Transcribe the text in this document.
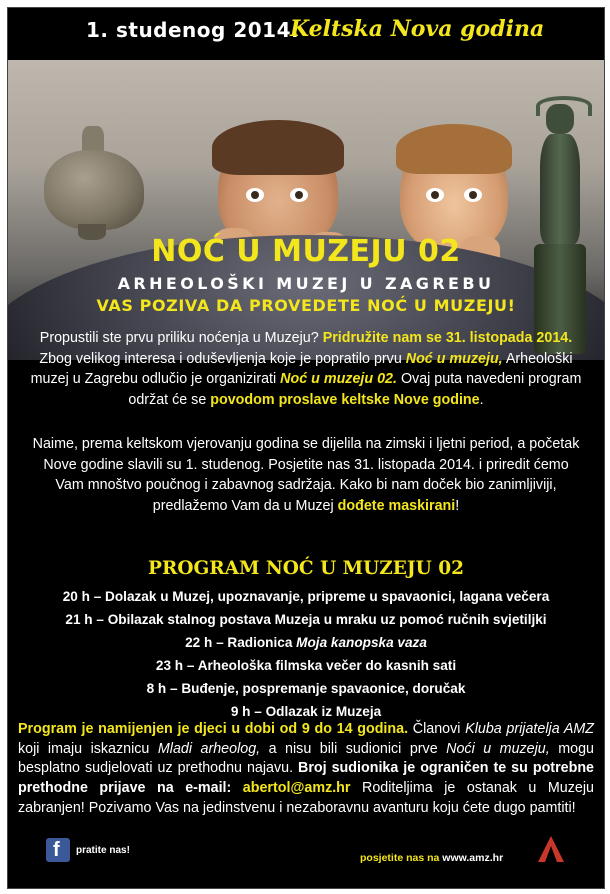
1. studenog 2014.
Keltska Nova godina
NOĆ U MUZEJU 02
ARHEOLOŠKI MUZEJ U ZAGREBU
VAS POZIVA DA PROVEDETE NOĆ U MUZEJU!
Propustili ste prvu priliku noćenja u Muzeju? Pridružite nam se 31. listopada 2014. Zbog velikog interesa i oduševljenja koje je popratilo prvu Noć u muzeju, Arheološki muzej u Zagrebu odlučio je organizirati Noć u muzeju 02. Ovaj puta navedeni program održat će se povodom proslave keltske Nove godine.
Naime, prema keltskom vjerovanju godina se dijelila na zimski i ljetni period, a početak Nove godine slavili su 1. studenog. Posjetite nas 31. listopada 2014. i priredit ćemo Vam mnoštvo poučnog i zabavnog sadržaja. Kako bi nam doček bio zanimljiviji, predlažemo Vam da u Muzej dođete maskirani!
PROGRAM NOĆ U MUZEJU 02
20 h – Dolazak u Muzej, upoznavanje, pripreme u spavaonici, lagana večera
21 h – Obilazak stalnog postava Muzeja u mraku uz pomoć ručnih svjetiljki
22 h – Radionica Moja kanopska vaza
23 h – Arheološka filmska večer do kasnih sati
8 h – Buđenje, pospremanje spavaonice, doručak
9 h – Odlazak iz Muzeja
Program je namijenjen je djeci u dobi od 9 do 14 godina. Članovi Kluba prijatelja AMZ koji imaju iskaznicu Mladi arheolog, a nisu bili sudionici prve Noći u muzeju, mogu besplatno sudjelovati uz prethodnu najavu. Broj sudionika je ograničen te su potrebne prethodne prijave na e-mail: abertol@amz.hr Roditeljima je ostanak u Muzeju zabranjen! Pozivamo Vas na jedinstvenu i nezaboravnu avanturu koju ćete dugo pamtiti!
f pratite nas!
posjetite nas na www.amz.hr
